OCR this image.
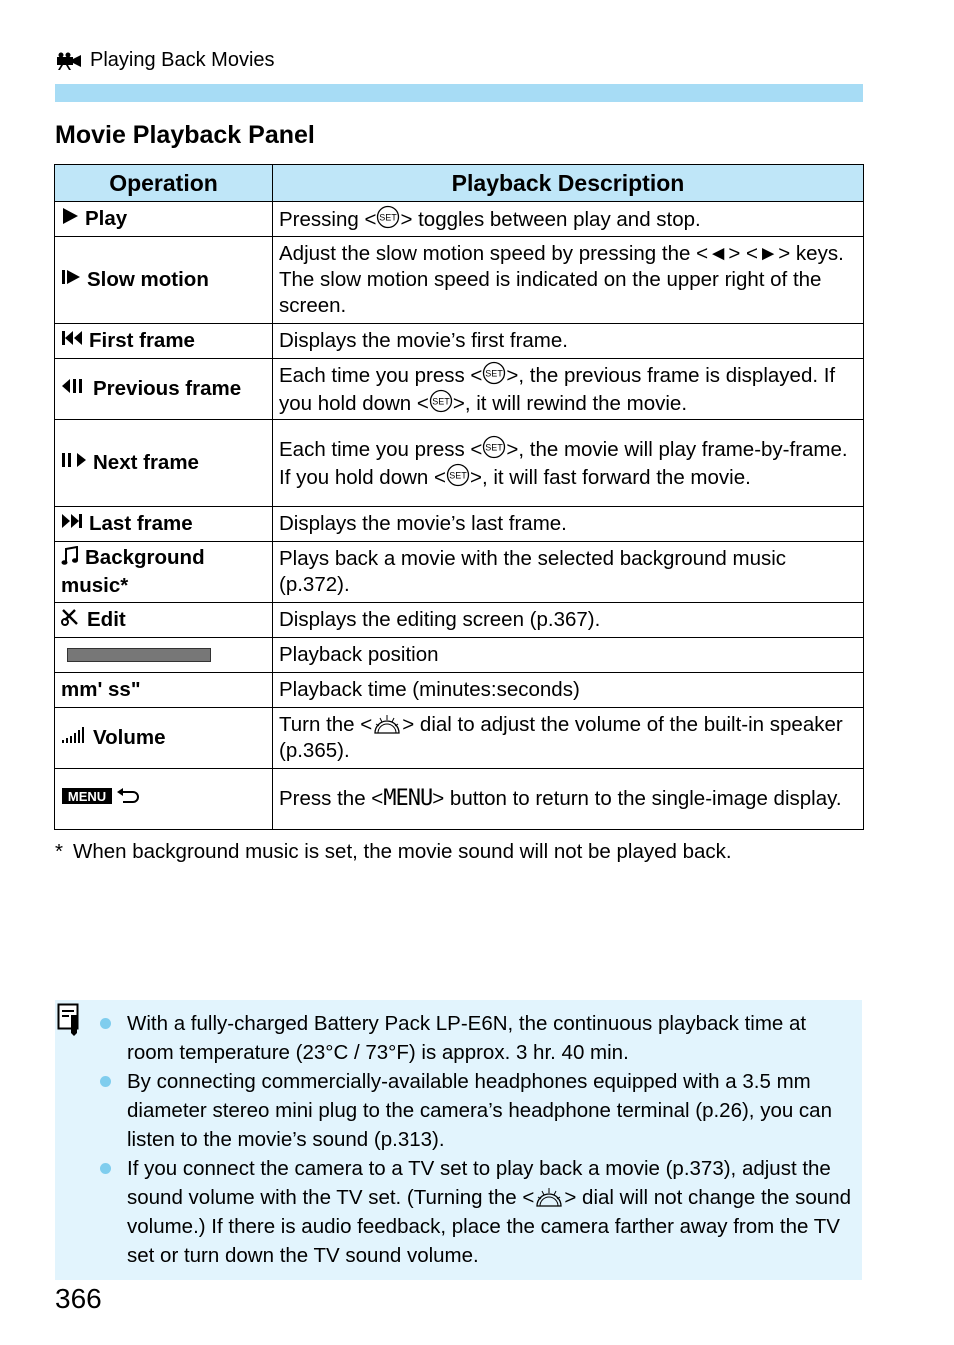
Playing Back Movies
Movie Playback Panel
Operation	Playback Description

Play	Pressing < SET > toggles between play and stop.

Slow motion	Adjust the slow motion speed by pressing the <◄> <►> keys. The slow motion speed is indicated on the upper right of the screen.

First frame	Displays the movie’s first frame.

Previous frame	Each time you press < SET >, the previous frame is displayed. If you hold down < SET >, it will rewind the movie.

Next frame	Each time you press < SET >, the movie will play frame-by-frame. If you hold down < SET >, it will fast forward the movie.

Last frame	Displays the movie’s last frame.

Background music*	Plays back a movie with the selected background music (p.372).

Edit	Displays the editing screen (p.367).

	Playback position

mm' ss"	Playback time (minutes:seconds)

Volume	Turn the < > dial to adjust the volume of the built-in speaker (p.365).

MENU	Press the <MENU> button to return to the single-image display.
* When background music is set, the movie sound will not be played back.
With a fully-charged Battery Pack LP-E6N, the continuous playback time at room temperature (23°C / 73°F) is approx. 3 hr. 40 min.
By connecting commercially-available headphones equipped with a 3.5 mm diameter stereo mini plug to the camera’s headphone terminal (p.26), you can listen to the movie’s sound (p.313).
If you connect the camera to a TV set to play back a movie (p.373), adjust the sound volume with the TV set. (Turning the < > dial will not change the sound volume.) If there is audio feedback, place the camera farther away from the TV set or turn down the TV sound volume.
366
